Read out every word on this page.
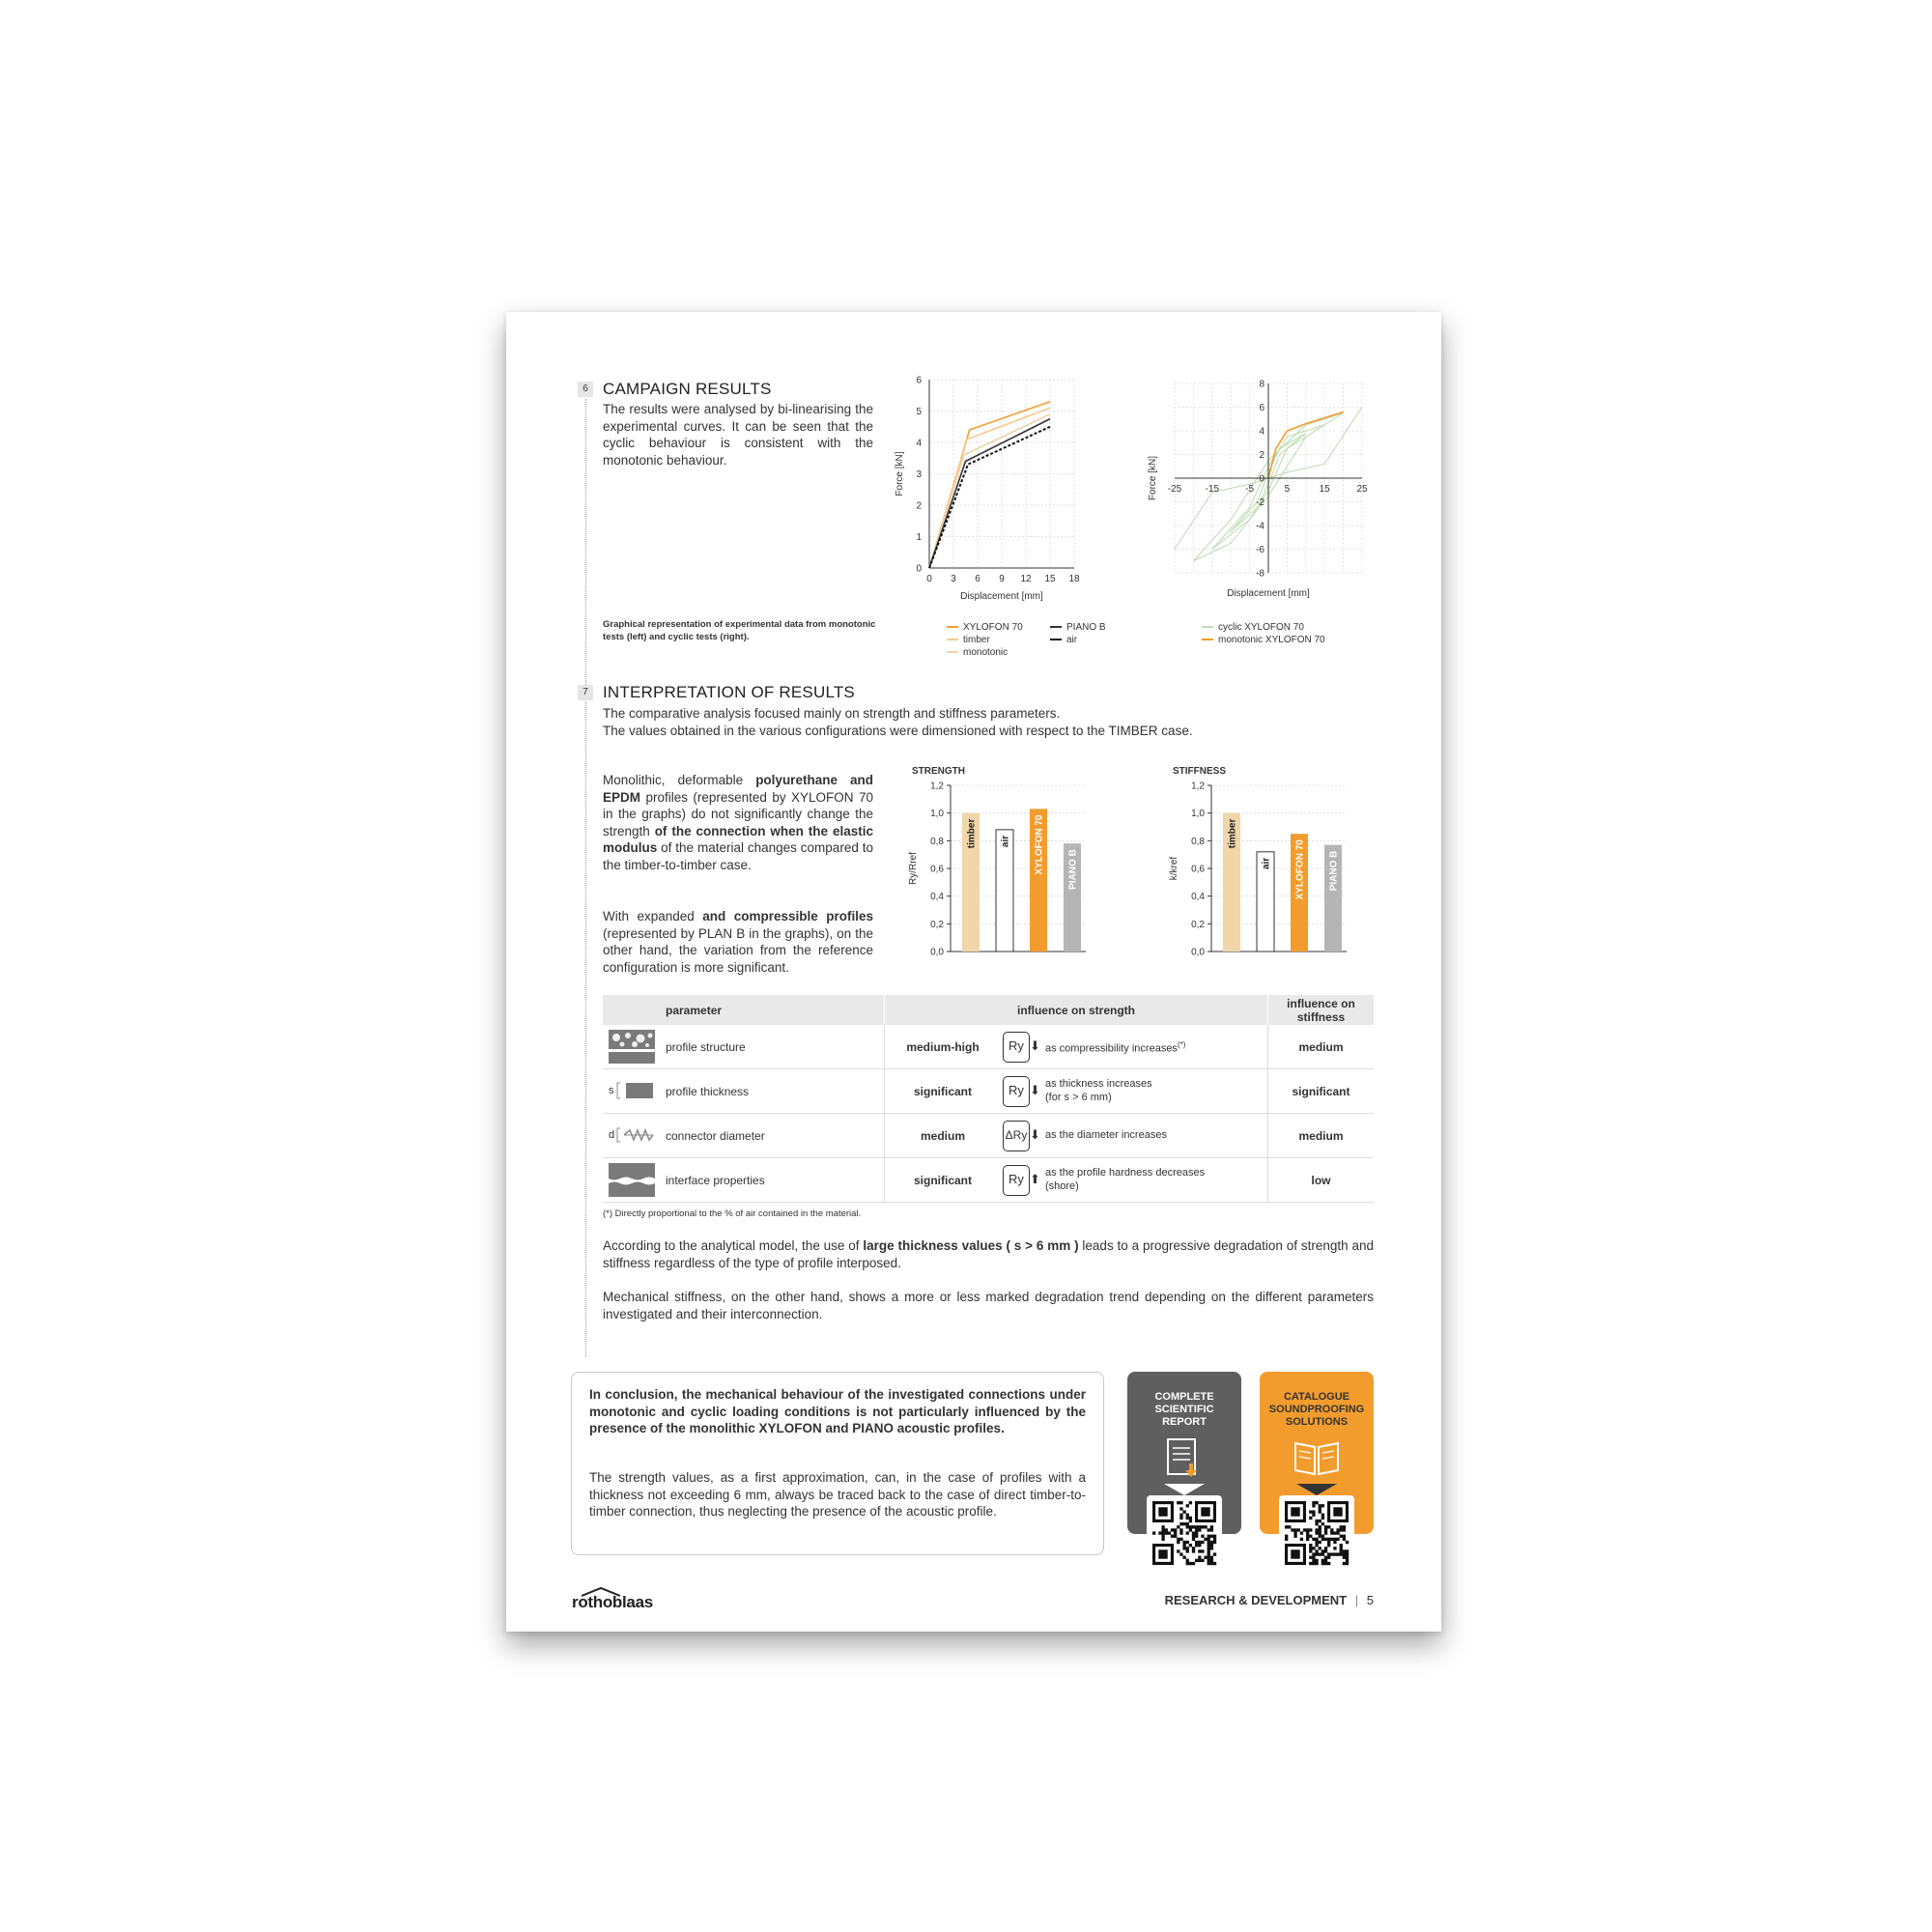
6 CAMPAIGN RESULTS
The results were analysed by bi-linearising the experimental curves. It can be seen that the cyclic behaviour is consistent with the monotonic behaviour.
Graphical representation of experimental data from monotonic tests (left) and cyclic tests (right).
0 3 6 9 12 15 18
0
1
2
3
4
5
6
Displacement [mm]
Force [kN]	-25 -15	-5	5	15	25
-8
-6
-4
-2
0
2
4
6
8
Displacement [mm]
Force [kN]
XYLOFON 70
timber
monotonic
PIANO B
air
cyclic XYLOFON 70
monotonic XYLOFON 70
7 INTERPRETATION OF RESULTS
The comparative analysis focused mainly on strength and stiffness parameters.
The values obtained in the various configurations were dimensioned with respect to the TIMBER case.
Monolithic, deformable polyurethane and EPDM profiles (represented by XYLOFON 70 in the graphs) do not significantly change the strength of the connection when the elastic modulus of the material changes compared to the timber-to-timber case.
With expanded and compressible profiles (represented by PLAN B in the graphs), on the other hand, the variation from the reference configuration is more significant.
STRENGTH
0,0
0,2
0,4
0,6
0,8
1,0
1,2
timber air XYLOFON 70 PIANO B
Ry/Rref
STIFFNESS
0,0
0,2
0,4
0,6
0,8
1,0
1,2
timber
air XYLOFON 70 PIANO B
k/kref
parameter	influence on strength	influence on stiffness

profile structure	medium-high Ry ⬇ as compressibility increases(*)	medium

s profile thickness	significant Ry ⬇ as thickness increases
(for s > 6 mm)	significant

d connector diameter	medium ΔRy ⬇ as the diameter increases	medium

interface properties	significant Ry ⬆ as the profile hardness decreases
(shore)	low
(*) Directly proportional to the % of air contained in the material.
According to the analytical model, the use of large thickness values ( s > 6 mm ) leads to a progressive degradation of strength and stiffness regardless of the type of profile interposed.
Mechanical stiffness, on the other hand, shows a more or less marked degradation trend depending on the different parameters investigated and their interconnection.
In conclusion, the mechanical behaviour of the investigated connections under monotonic and cyclic loading conditions is not particularly influenced by the presence of the monolithic XYLOFON and PIANO acoustic profiles.
The strength values, as a first approximation, can, in the case of profiles with a thickness not exceeding 6 mm, always be traced back to the case of direct timber-to-timber connection, thus neglecting the presence of the acoustic profile.
COMPLETE
SCIENTIFIC
REPORT
CATALOGUE
SOUNDPROOFING
SOLUTIONS
rothoblaas	RESEARCH & DEVELOPMENT | 5
